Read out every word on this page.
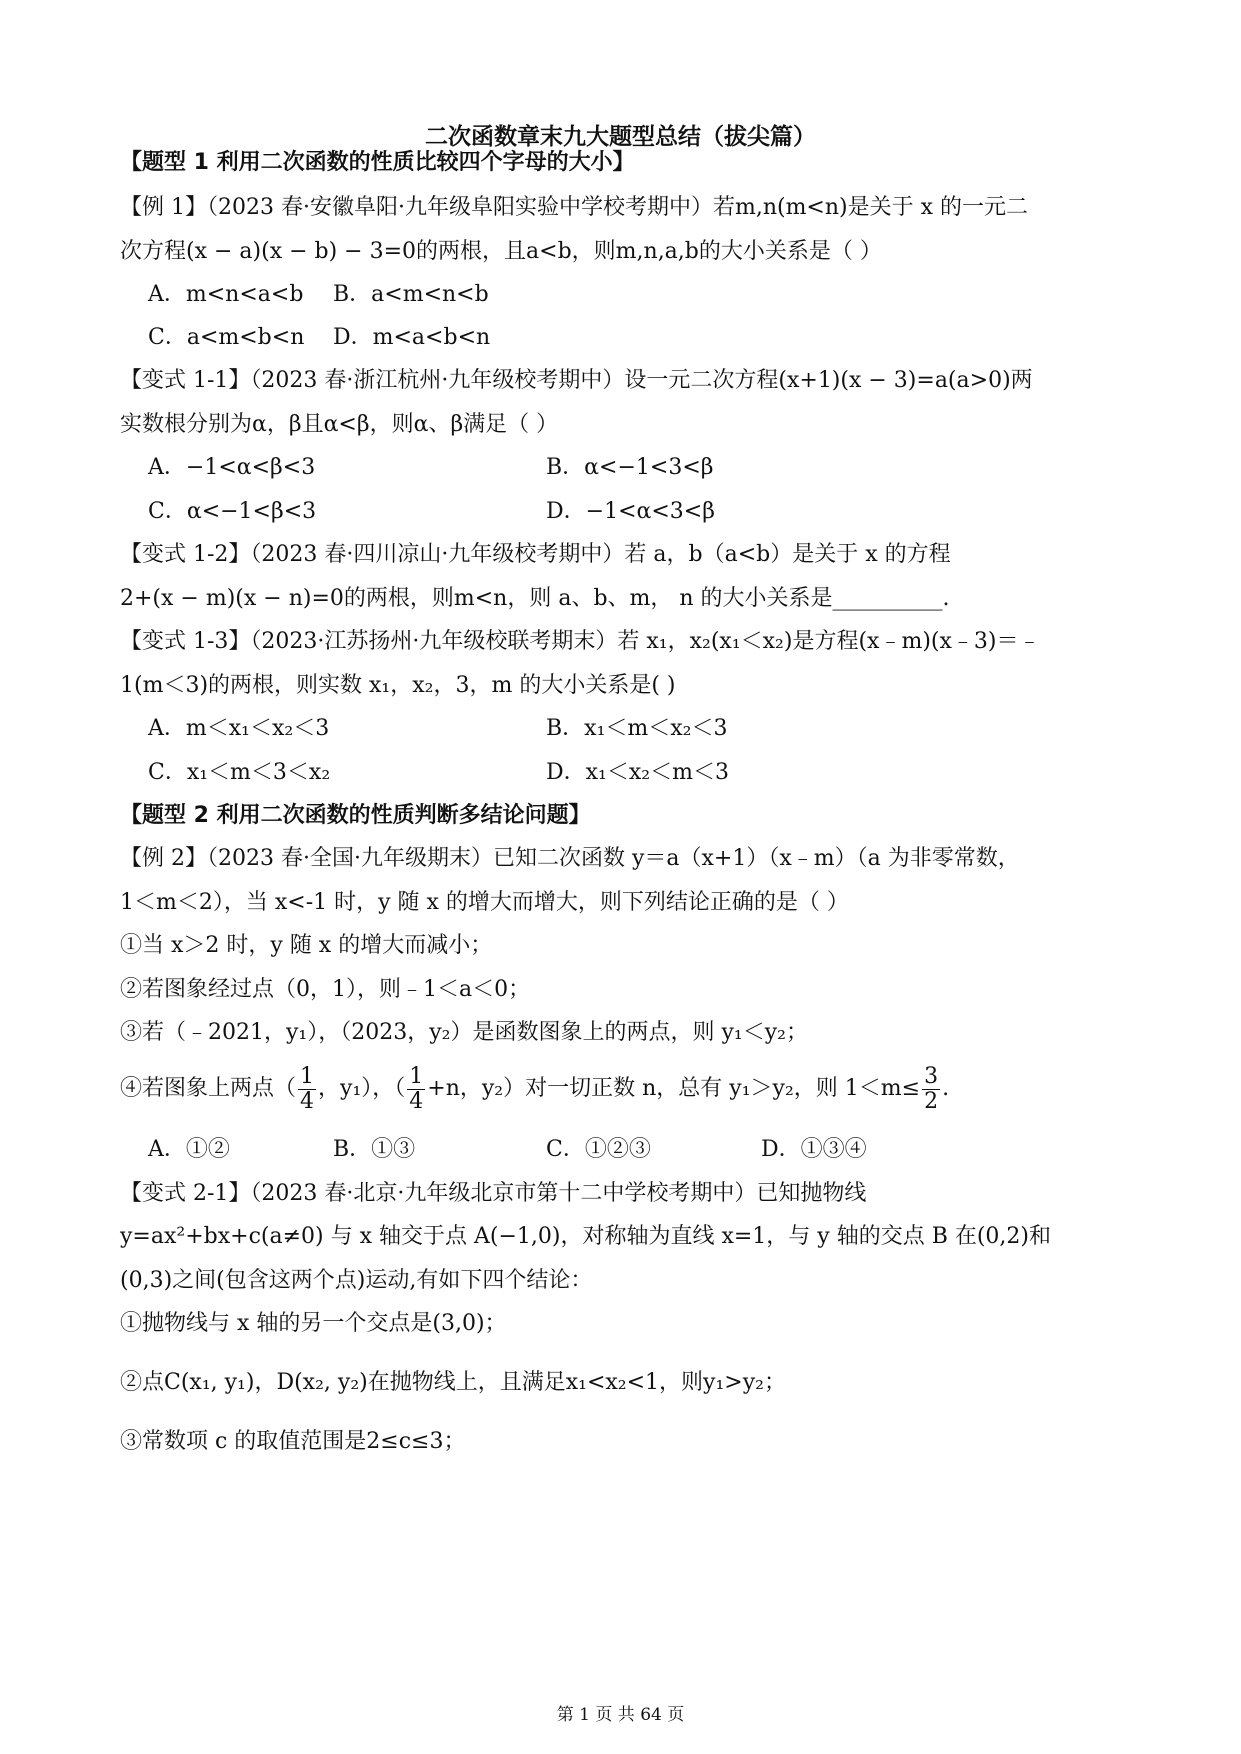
二次函数章末九大题型总结（拔尖篇）
【题型 1 利用二次函数的性质比较四个字母的大小】
【例 1】（2023 春·安徽阜阳·九年级阜阳实验中学校考期中）若m,n(m<n)是关于 x 的一元二
次方程(x − a)(x − b) − 3=0的两根，且a<b，则m,n,a,b的大小关系是（ ）
A．m<n<a<b B．a<m<n<b
C．a<m<b<n D．m<a<b<n
【变式 1-1】（2023 春·浙江杭州·九年级校考期中）设一元二次方程(x+1)(x − 3)=a(a>0)两
实数根分别为α，β且α<β，则α、β满足（ ）
A．−1<α<β<3	B．α<−1<3<β
C．α<−1<β<3	D．−1<α<3<β
【变式 1-2】（2023 春·四川凉山·九年级校考期中）若 a，b（a<b）是关于 x 的方程
2+(x − m)(x − n)=0的两根，则m<n，则 a、b、m， n 的大小关系是__________.
【变式 1-3】（2023·江苏扬州·九年级校联考期末）若 x₁，x₂(x₁＜x₂)是方程(x﹣m)(x﹣3)＝﹣
1(m＜3)的两根，则实数 x₁，x₂，3，m 的大小关系是( )
A．m＜x₁＜x₂＜3	B．x₁＜m＜x₂＜3
C．x₁＜m＜3＜x₂	D．x₁＜x₂＜m＜3
【题型 2 利用二次函数的性质判断多结论问题】
【例 2】（2023 春·全国·九年级期末）已知二次函数 y＝a（x+1）（x﹣m）（a 为非零常数，
1＜m＜2），当 x<-1 时，y 随 x 的增大而增大，则下列结论正确的是（ ）
①当 x＞2 时，y 随 x 的增大而减小；
②若图象经过点（0，1），则﹣1＜a＜0；
③若（﹣2021，y₁），（2023，y₂）是函数图象上的两点，则 y₁＜y₂；
④若图象上两点（ $\frac{1}{4}$ ，y₁），（ $\frac{1}{4} +n$，y₂）对一切正数 n，总有 y₁＞y₂，则 $1<m\le \frac{3}{2}$ .
A．①②	B．①③	C．①②③	D．①③④
【变式 2-1】（2023 春·北京·九年级北京市第十二中学校考期中）已知抛物线
y=ax²+bx+c(a≠0) 与 x 轴交于点 A(−1,0)，对称轴为直线 x=1，与 y 轴的交点 B 在(0,2)和
(0,3)之间(包含这两个点)运动,有如下四个结论：
①抛物线与 x 轴的另一个交点是(3,0)；
②点C(x₁, y₁)，D(x₂, y₂)在抛物线上，且满足x₁<x₂<1，则y₁>y₂；
③常数项 c 的取值范围是2≤c≤3；
第 1 页 共 64 页
